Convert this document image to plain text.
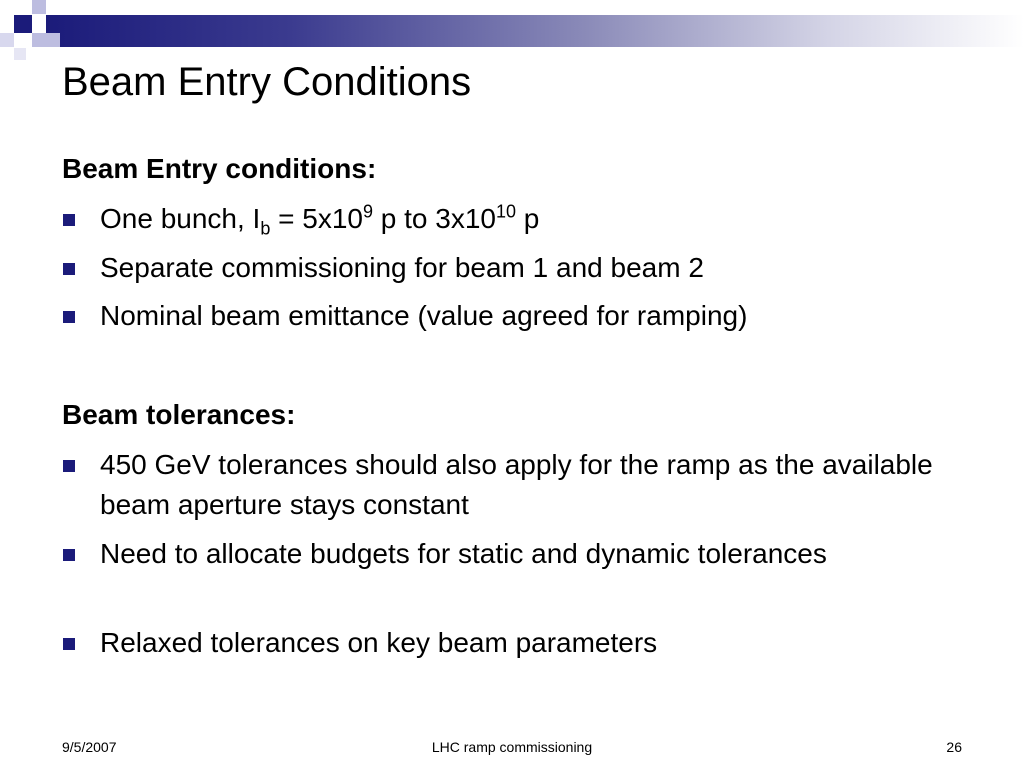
Beam Entry Conditions
Beam Entry conditions:
One bunch, $I_b = 5x10^9$ p to $3x10^{10}$ p
Separate commissioning for beam 1 and beam 2
Nominal beam emittance (value agreed for ramping)
Beam tolerances:
450 GeV tolerances should also apply for the ramp as the available beam aperture stays constant
Need to allocate budgets for static and dynamic tolerances
Relaxed tolerances on key beam parameters
9/5/2007	LHC ramp commissioning	26
